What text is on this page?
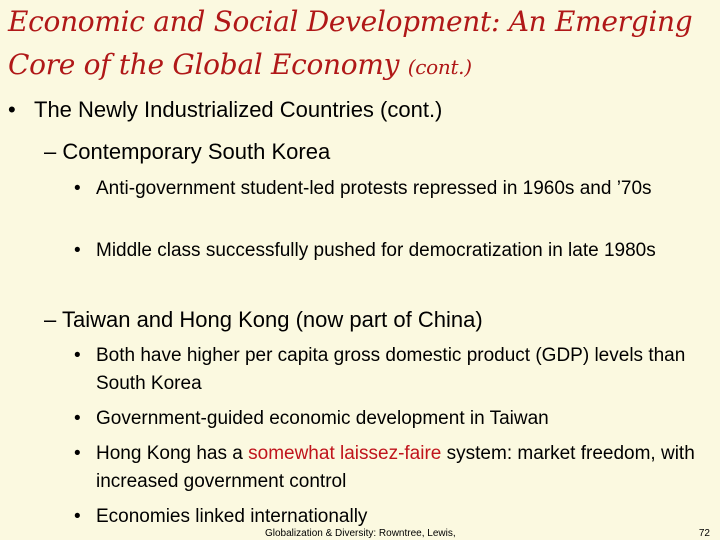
Economic and Social Development: An Emerging Core of the Global Economy (cont.)
• The Newly Industrialized Countries (cont.)
– Contemporary South Korea
• Anti-government student-led protests repressed in 1960s and ’70s
• Middle class successfully pushed for democratization in late 1980s
– Taiwan and Hong Kong (now part of China)
• Both have higher per capita gross domestic product (GDP) levels than South Korea
• Government-guided economic development in Taiwan
• Hong Kong has a somewhat laissez-faire system: market freedom, with increased government control
• Economies linked internationally
Globalization & Diversity: Rowntree, Lewis,	72
